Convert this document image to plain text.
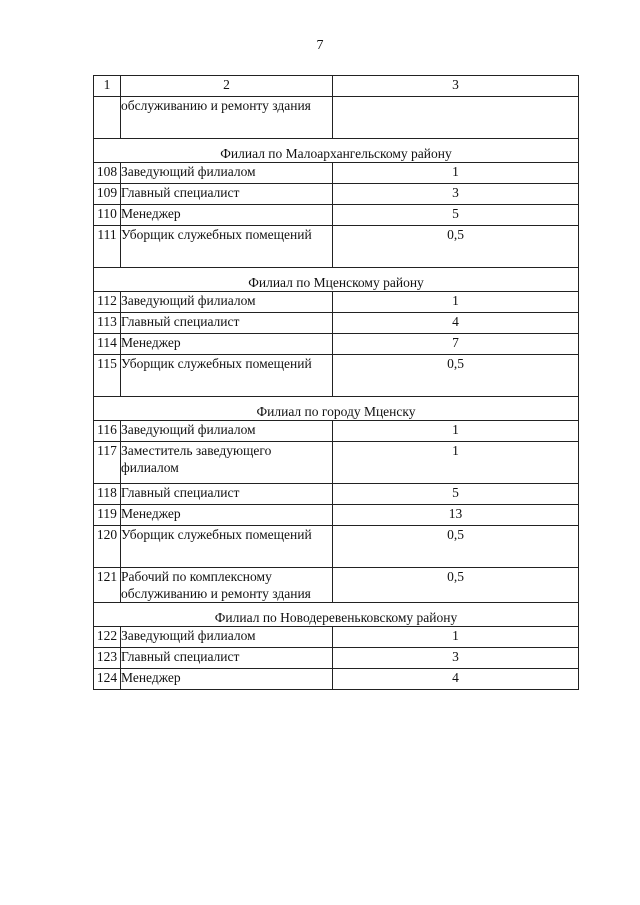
7
1	2	3
	обслуживанию и ремонту здания	
Филиал по Малоархангельскому району		
108	Заведующий филиалом	1
109	Главный специалист	3
110	Менеджер	5
111	Уборщик служебных помещений	0,5
Филиал по Мценскому району		
112	Заведующий филиалом	1
113	Главный специалист	4
114	Менеджер	7
115	Уборщик служебных помещений	0,5
Филиал по городу Мценску		
116	Заведующий филиалом	1
117	Заместитель заведующего филиалом	1
118	Главный специалист	5
119	Менеджер	13
120	Уборщик служебных помещений	0,5
121	Рабочий по комплексному обслуживанию и ремонту здания	0,5
Филиал по Новодеревеньковскому району		
122	Заведующий филиалом	1
123	Главный специалист	3
124	Менеджер	4
